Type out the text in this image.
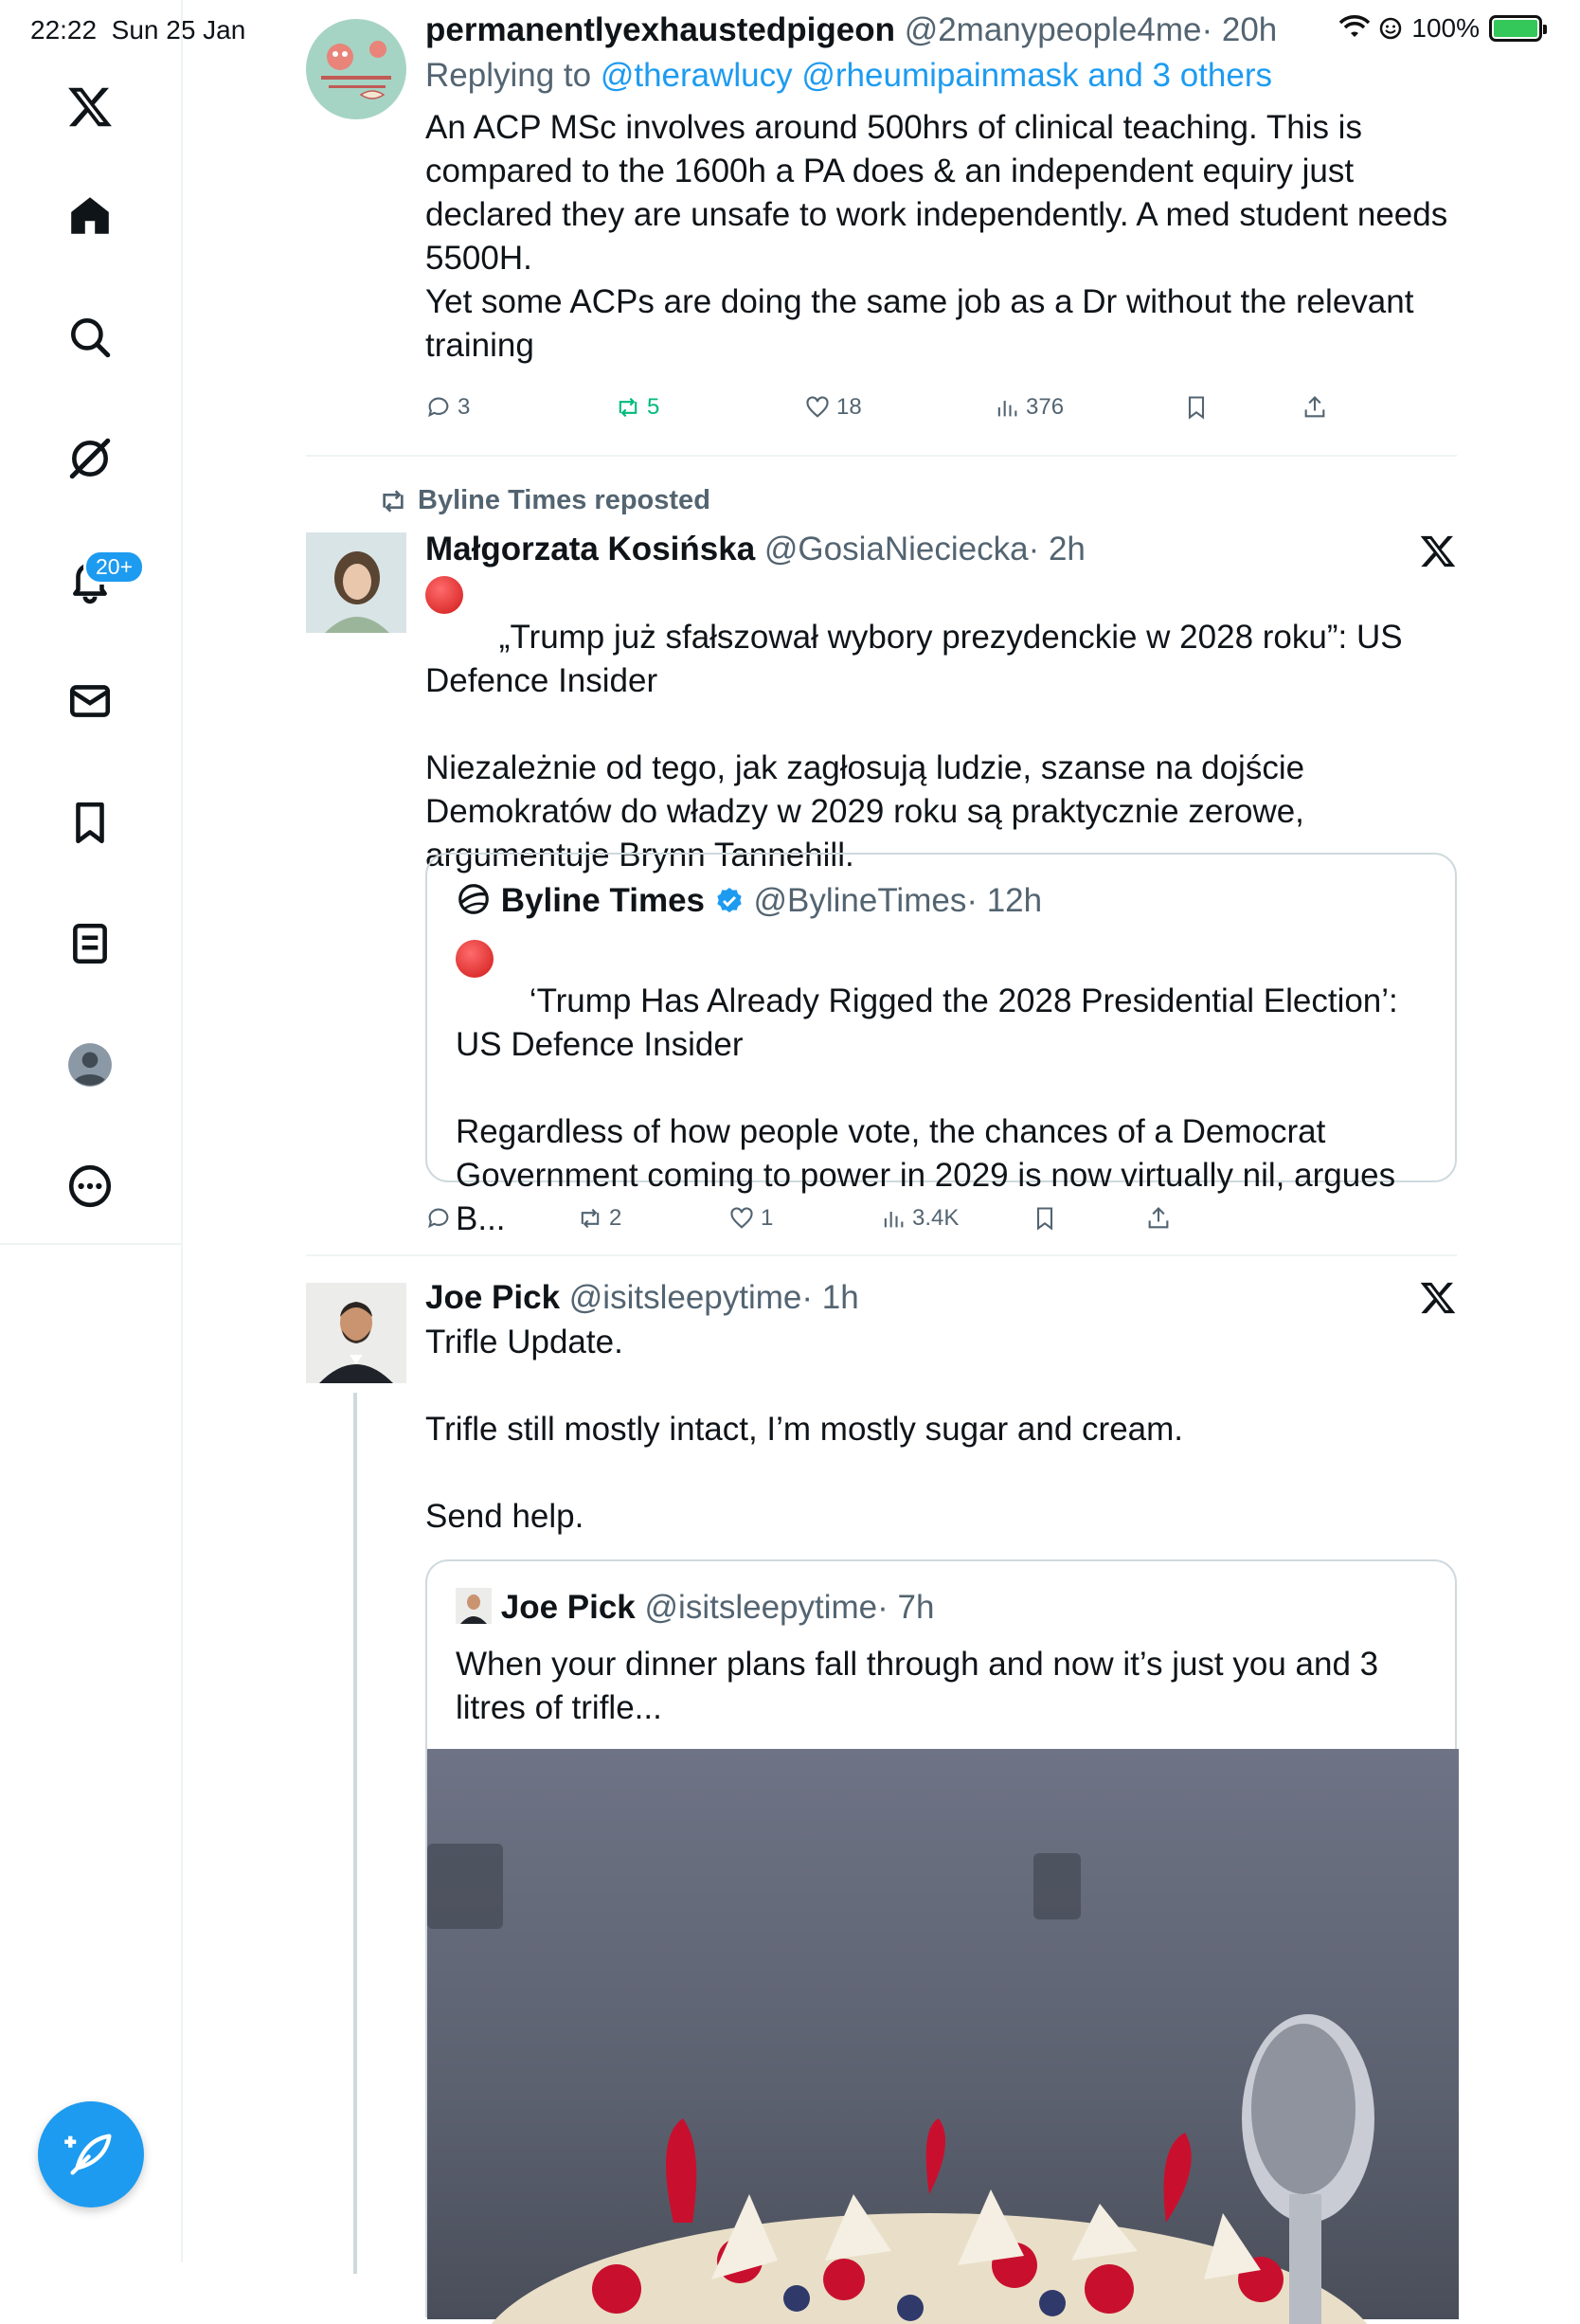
22:22 Sun 25 Jan	100%
20+
permanentlyexhaustedpigeon @2manypeople4me· 20h
Replying to @therawlucy @rheumipainmask and 3 others
An ACP MSc involves around 500hrs of clinical teaching. This is compared to the 1600h a PA does & an independent equiry just declared they are unsafe to work independently. A med student needs 5500H.
Yet some ACPs are doing the same job as a Dr without the relevant training
3	5	18	376
Byline Times reposted
Małgorzata Kosińska @GosiaNieciecka· 2h

„Trump już sfałszował wybory prezydenckie w 2028 roku”: US Defence Insider

Niezależnie od tego, jak zagłosują ludzie, szanse na dojście Demokratów do władzy w 2029 roku są praktycznie zerowe, argumentuje Brynn Tannehill.

Byline Times @BylineTimes· 12h

‘Trump Has Already Rigged the 2028 Presidential Election’: US Defence Insider

Regardless of how people vote, the chances of a Democrat Government coming to power in 2029 is now virtually nil, argues B...
	2	1	3.4K
Joe Pick @isitsleepytime· 1h
Trifle Update.

Trifle still mostly intact, I’m mostly sugar and cream.

Send help.
Joe Pick @isitsleepytime· 7h
When your dinner plans fall through and now it’s just you and 3 litres of trifle...
